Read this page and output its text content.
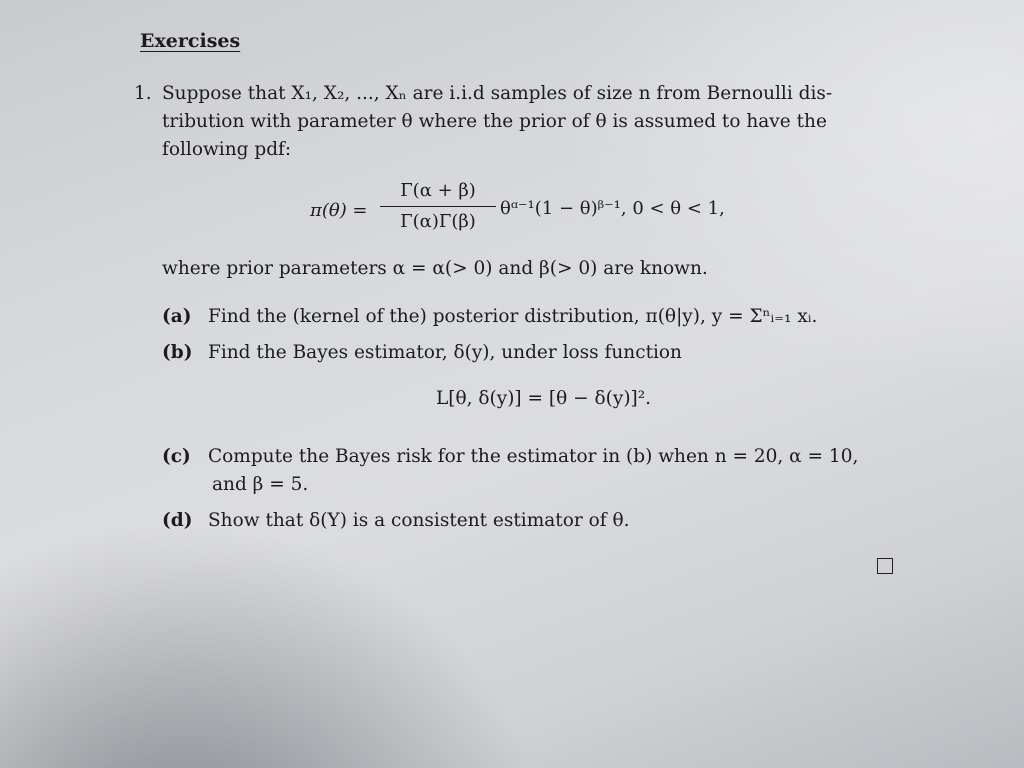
Exercises
1. Suppose that X₁, X₂, ..., Xₙ are i.i.d samples of size n from Bernoulli dis-
tribution with parameter θ where the prior of θ is assumed to have the
following pdf:
π(θ) =
Γ(α + β)
Γ(α)Γ(β)
θᵅ⁻¹(1 − θ)ᵝ⁻¹, 0 < θ < 1,
where prior parameters α = α(> 0) and β(> 0) are known.
(a) Find the (kernel of the) posterior distribution, π(θ|y), y = Σⁿᵢ₌₁ xᵢ.
(b) Find the Bayes estimator, δ(y), under loss function
L[θ, δ(y)] = [θ − δ(y)]².
(c) Compute the Bayes risk for the estimator in (b) when n = 20, α = 10,
and β = 5.
(d) Show that δ(Y) is a consistent estimator of θ.
